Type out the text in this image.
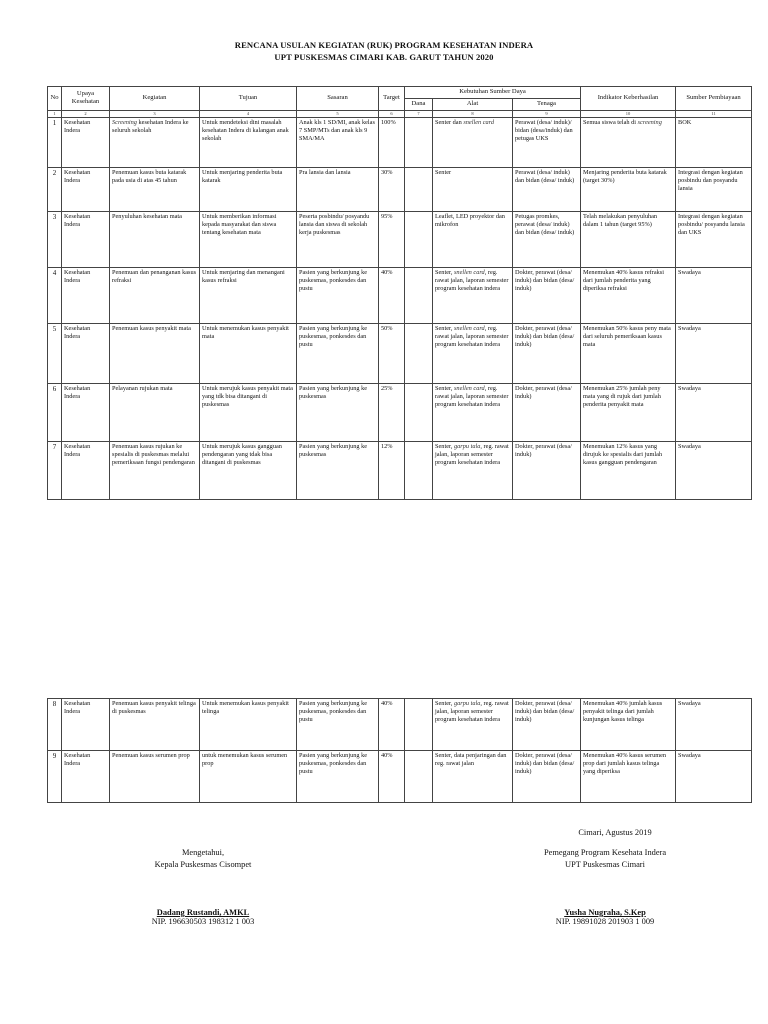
RENCANA USULAN KEGIATAN (RUK) PROGRAM KESEHATAN INDERA
UPT PUSKESMAS CIMARI KAB. GARUT TAHUN 2020
No	Upaya Kesehatan	Kegiatan	Tujuan	Sasaran	Target	Kebutuhan Sumber Daya			Indikator Keberhasilan	Sumber Pembiayaan
						Dana	Alat	Tenaga		
1	2	3	4	5	6	7	8	9	10	11
1	Kesehatan Indera	Screening kesehatan Indera ke seluruh sekolah	Untuk mendeteksi dini masalah kesehatan Indera di kalangan anak sekolah	Anak kls 1 SD/MI, anak kelas 7 SMP/MTs dan anak kls 9 SMA/MA	100%		Senter dan snellen card	Perawat (desa/ induk)/ bidan (desa/induk) dan petugas UKS	Semua siswa telah di screening	BOK
2	Kesehatan Indera	Penemuan kasus buta katarak pada usia di atas 45 tahun	Untuk menjaring penderita buta katarak	Pra lansia dan lansia	30%		Senter	Perawat (desa/ induk) dan bidan (desa/ induk)	Menjaring penderita buta katarak (target 30%)	Integrasi dengan kegiatan posbindu dan posyandu lansia
3	Kesehatan Indera	Penyuluhan kesehatan mata	Untuk memberikan informasi kepada masyarakat dan siswa tentang kesehatan mata	Peserta posbindu/ posyandu lansia dan siswa di sekolah kerja puskesmas	95%		Leaflet, LED proyektor dan mikrofon	Petugas promkes, perawat (desa/ induk) dan bidan (desa/ induk)	Telah melakukan penyuluhan dalam 1 tahun (target 95%)	Integrasi dengan kegiatan posbindu/ posyandu lansia dan UKS
4	Kesehatan Indera	Penemuan dan penanganan kasus refraksi	Untuk menjaring dan menangani kasus refraksi	Pasien yang berkunjung ke puskesmas, ponkesdes dan pustu	40%		Senter, snellen card, reg. rawat jalan, laporan semester program kesehatan indera	Dokter, perawat (desa/ induk) dan bidan (desa/ induk)	Menemukan 40% kasus refraksi dari jumlah penderita yang diperiksa refraksi	Swadaya
5	Kesehatan Indera	Penemuan kasus penyakit mata	Untuk menemukan kasus penyakit mata	Pasien yang berkunjung ke puskesmas, ponkesdes dan pustu	50%		Senter, snellen card, reg. rawat jalan, laporan semester program kesehatan indera	Dokter, perawat (desa/ induk) dan bidan (desa/ induk)	Menemukan 50% kasus peny mata dari seluruh pemeriksaan kasus mata	Swadaya
6	Kesehatan Indera	Pelayanan rujukan mata	Untuk merujuk kasus penyakit mata yang tdk bisa ditangani di puskesmas	Pasien yang berkunjung ke puskesmas	25%		Senter, snellen card, reg. rawat jalan, laporan semester program kesehatan indera	Dokter, perawat (desa/ induk)	Menemukan 25% jumlah peny mata yang di rujuk dari jumlah penderita penyakit mata	Swadaya
7	Kesehatan Indera	Penemuan kasus rujukan ke spesialis di puskesmas melalui pemeriksaan fungsi pendengaran	Untuk merujuk kasus gangguan pendengaran yang tdak bisa ditangani di puskesmas	Pasien yang berkunjung ke puskesmas	12%		Senter, garpu tala, reg. rawat jalan, laporan semester program kesehatan indera	Dokter, perawat (desa/ induk)	Menemukan 12% kasus yang dirujuk ke spesialis dari jumlah kasus gangguan pendengaran	Swadaya
8	Kesehatan Indera	Penemuan kasus penyakit telinga di puskesmas	Untuk menemukan kasus penyakit telinga	Pasien yang berkunjung ke puskesmas, ponkesdes dan pustu	40%		Senter, garpu tala, reg. rawat jalan, laporan semester program kesehatan indera	Dokter, perawat (desa/ induk) dan bidan (desa/ induk)	Menemukan 40% jumlah kasus penyakit telinga dari jumlah kunjungan kasus telinga	Swadaya
9	Kesehatan Indera	Penemuan kasus serumen prop	untuk menemukan kasus serumen prop	Pasien yang berkunjung ke puskesmas, ponkesdes dan pustu	40%		Senter, data penjaringan dan reg. rawat jalan	Dokter, perawat (desa/ induk) dan bidan (desa/ induk)	Menemukan 40% kasus serumen prop dari jumlah kasus telinga yang diperiksa	Swadaya
Cimari, Agustus 2019
Mengetahui,
Kepala Puskesmas Cisompet
Dadang Rustandi, AMKL
NIP. 196630503 198312 1 003
Pemegang Program Kesehata Indera
UPT Puskesmas Cimari
Yusha Nugraha, S.Kep
NIP. 19891028 201903 1 009
